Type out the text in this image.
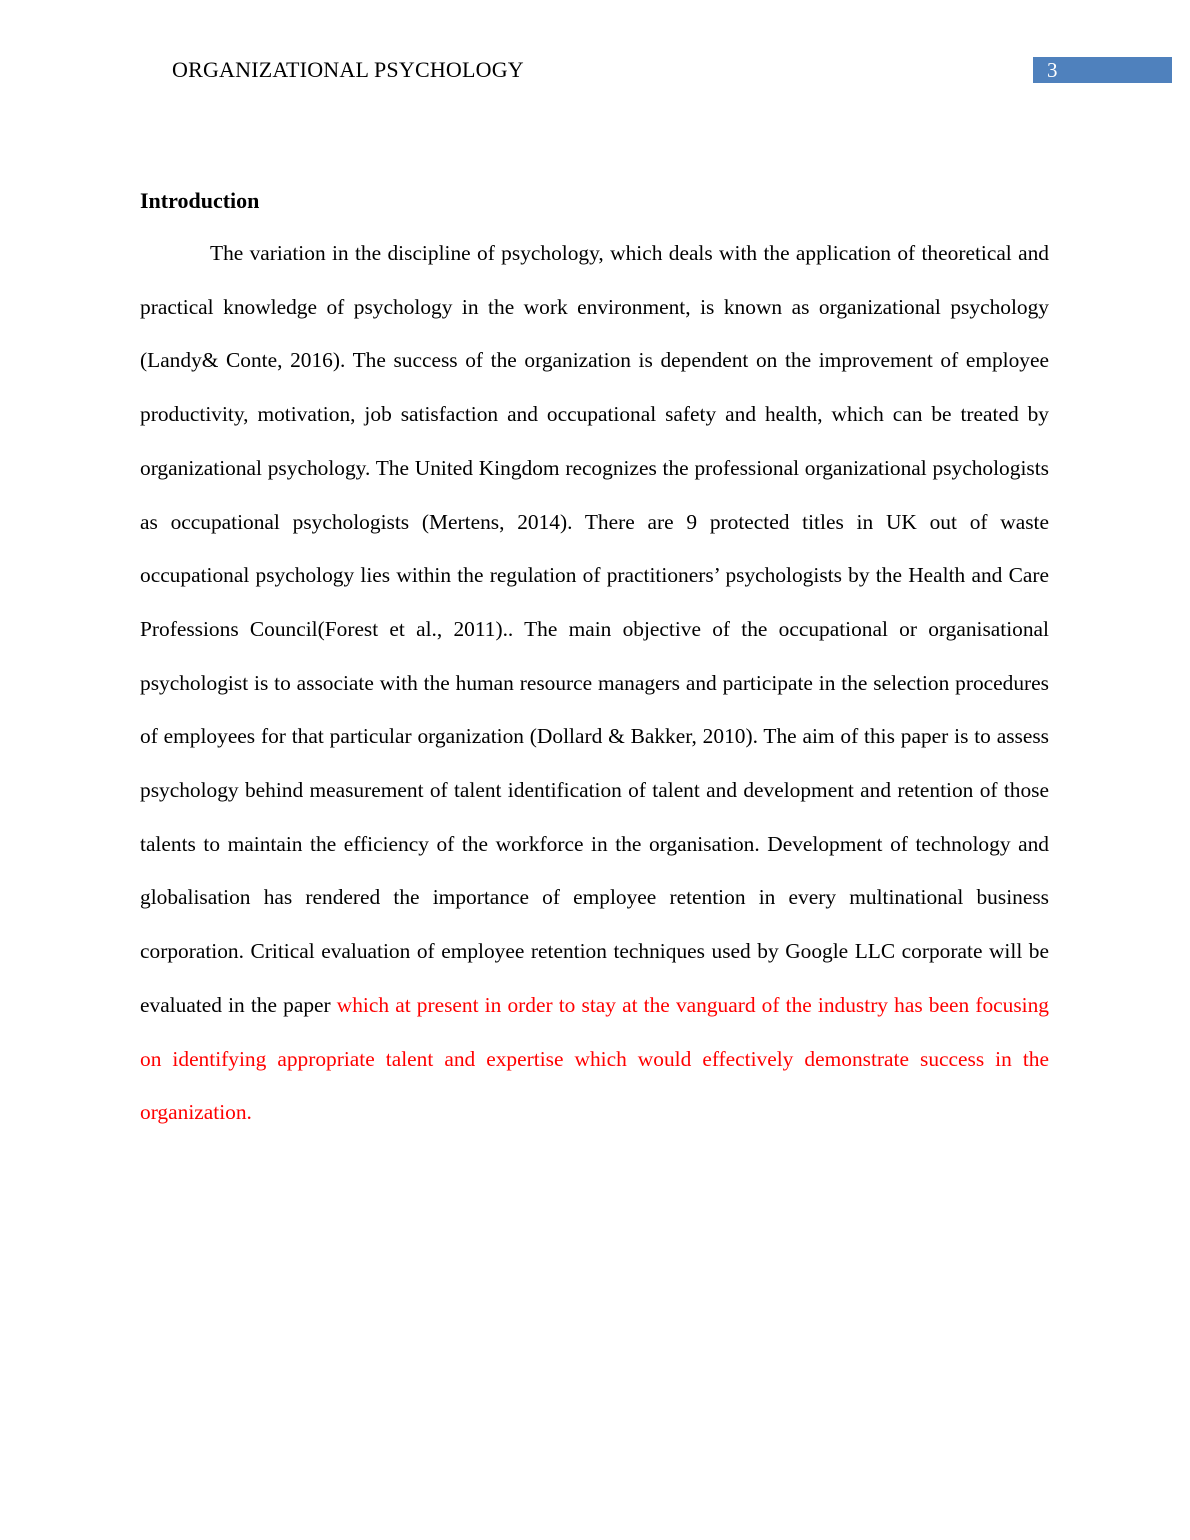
ORGANIZATIONAL PSYCHOLOGY	3
Introduction

The variation in the discipline of psychology, which deals with the application of theoretical and practical knowledge of psychology in the work environment, is known as organizational psychology (Landy& Conte, 2016). The success of the organization is dependent on the improvement of employee productivity, motivation, job satisfaction and occupational safety and health, which can be treated by organizational psychology. The United Kingdom recognizes the professional organizational psychologists as occupational psychologists (Mertens, 2014). There are 9 protected titles in UK out of waste occupational psychology lies within the regulation of practitioners’ psychologists by the Health and Care Professions Council(Forest et al., 2011).. The main objective of the occupational or organisational psychologist is to associate with the human resource managers and participate in the selection procedures of employees for that particular organization (Dollard & Bakker, 2010). The aim of this paper is to assess psychology behind measurement of talent identification of talent and development and retention of those talents to maintain the efficiency of the workforce in the organisation. Development of technology and globalisation has rendered the importance of employee retention in every multinational business corporation. Critical evaluation of employee retention techniques used by Google LLC corporate will be evaluated in the paper which at present in order to stay at the vanguard of the industry has been focusing on identifying appropriate talent and expertise which would effectively demonstrate success in the organization.
